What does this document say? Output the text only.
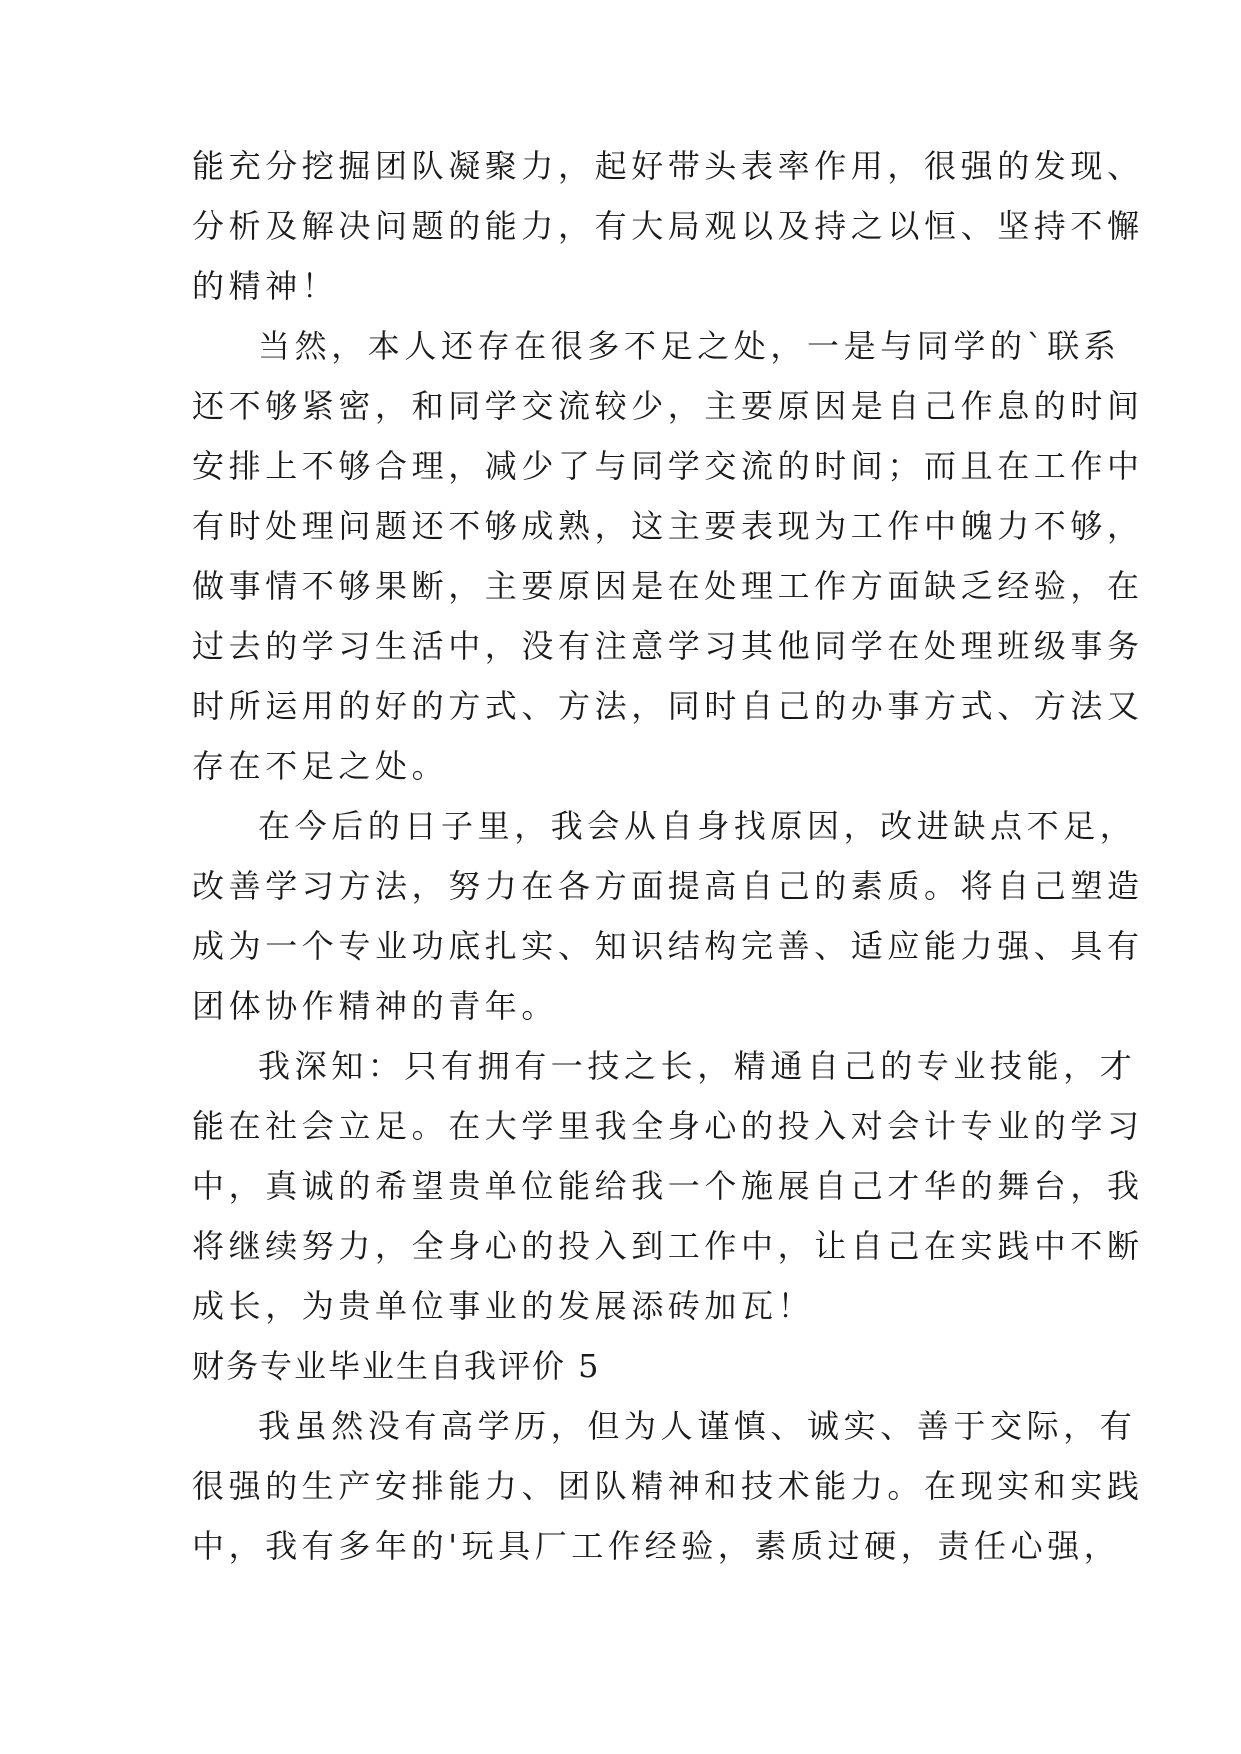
能充分挖掘团队凝聚力，起好带头表率作用，很强的发现、
分析及解决问题的能力，有大局观以及持之以恒、坚持不懈
的精神！
当然，本人还存在很多不足之处，一是与同学的`联系
还不够紧密，和同学交流较少，主要原因是自己作息的时间
安排上不够合理，减少了与同学交流的时间；而且在工作中
有时处理问题还不够成熟，这主要表现为工作中魄力不够，
做事情不够果断，主要原因是在处理工作方面缺乏经验，在
过去的学习生活中，没有注意学习其他同学在处理班级事务
时所运用的好的方式、方法，同时自己的办事方式、方法又
存在不足之处。
在今后的日子里，我会从自身找原因，改进缺点不足，
改善学习方法，努力在各方面提高自己的素质。将自己塑造
成为一个专业功底扎实、知识结构完善、适应能力强、具有
团体协作精神的青年。
我深知：只有拥有一技之长，精通自己的专业技能，才
能在社会立足。在大学里我全身心的投入对会计专业的学习
中，真诚的希望贵单位能给我一个施展自己才华的舞台，我
将继续努力，全身心的投入到工作中，让自己在实践中不断
成长，为贵单位事业的发展添砖加瓦！
财务专业毕业生自我评价 5
我虽然没有高学历，但为人谨慎、诚实、善于交际，有
很强的生产安排能力、团队精神和技术能力。在现实和实践
中，我有多年的'玩具厂工作经验，素质过硬，责任心强，
